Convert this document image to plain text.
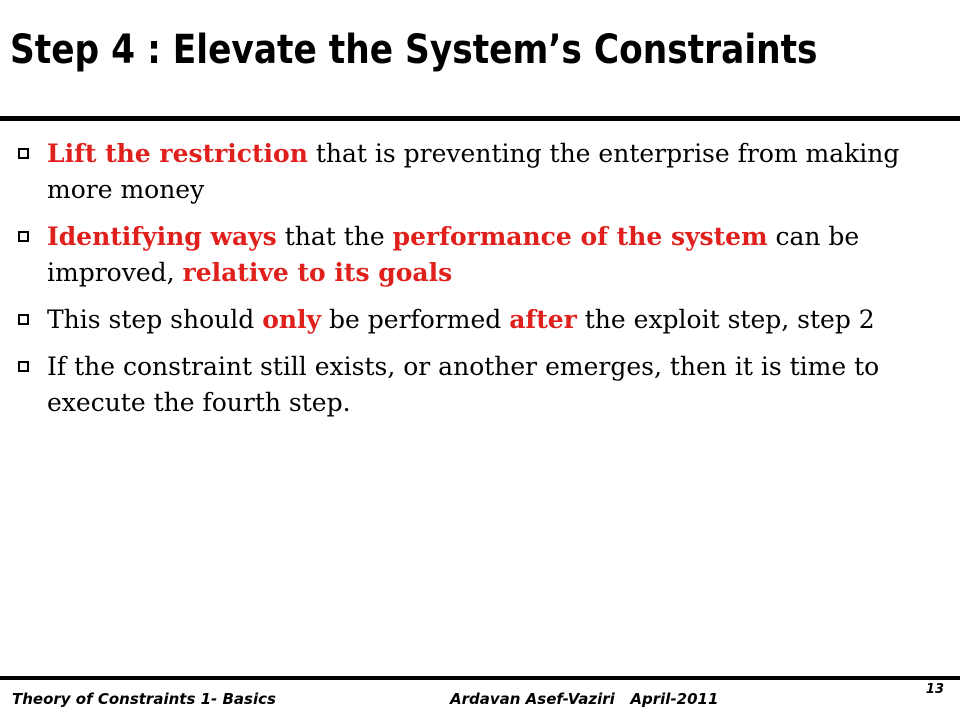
Step 4 : Elevate the System’s Constraints
Lift the restriction that is preventing the enterprise from making more money
Identifying ways that the performance of the system can be improved, relative to its goals
This step should only be performed after the exploit step, step 2
If the constraint still exists, or another emerges, then it is time to execute the fourth step.
Theory of Constraints 1- Basics	Ardavan Asef-Vaziri   April-2011
13
